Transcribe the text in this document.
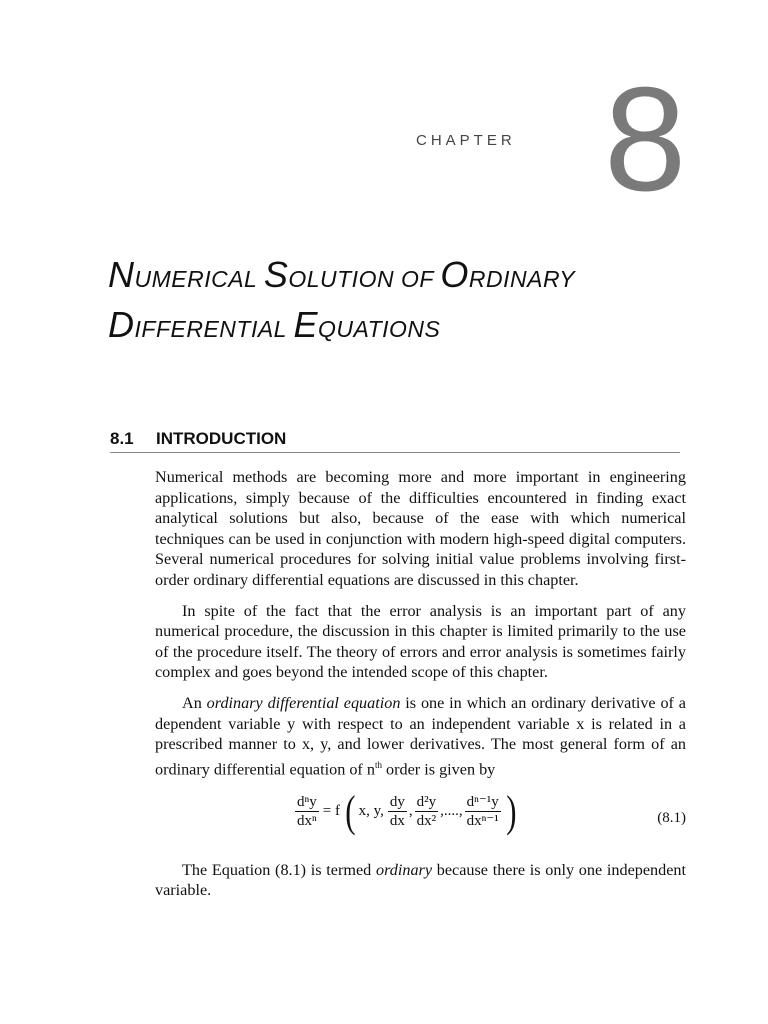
CHAPTER 8
NUMERICAL SOLUTION OF ORDINARY
DIFFERENTIAL EQUATIONS
8.1 INTRODUCTION

Numerical methods are becoming more and more important in engineering applications, simply because of the difficulties encountered in finding exact analytical solutions but also, because of the ease with which numerical techniques can be used in conjunction with modern high-speed digital computers. Several numerical procedures for solving initial value problems involving first-order ordinary differential equations are discussed in this chapter.

In spite of the fact that the error analysis is an important part of any numerical procedure, the discussion in this chapter is limited primarily to the use of the procedure itself. The theory of errors and error analysis is sometimes fairly complex and goes beyond the intended scope of this chapter.

An ordinary differential equation is one in which an ordinary derivative of a dependent variable y with respect to an independent variable x is related in a prescribed manner to x, y, and lower derivatives. The most general form of an ordinary differential equation of $n^{th}$ order is given by

$\frac{\text{dⁿy}}{\text{dxⁿ}} = f$ ( x, y, $\frac{dy}{dx}$ , $\frac{\text{d²y}}{\text{dx²}}$ ,...., $\frac{\text{dⁿ⁻¹y}}{\text{dxⁿ⁻¹}}$ )	(8.1)

The Equation (8.1) is termed ordinary because there is only one independent variable.
